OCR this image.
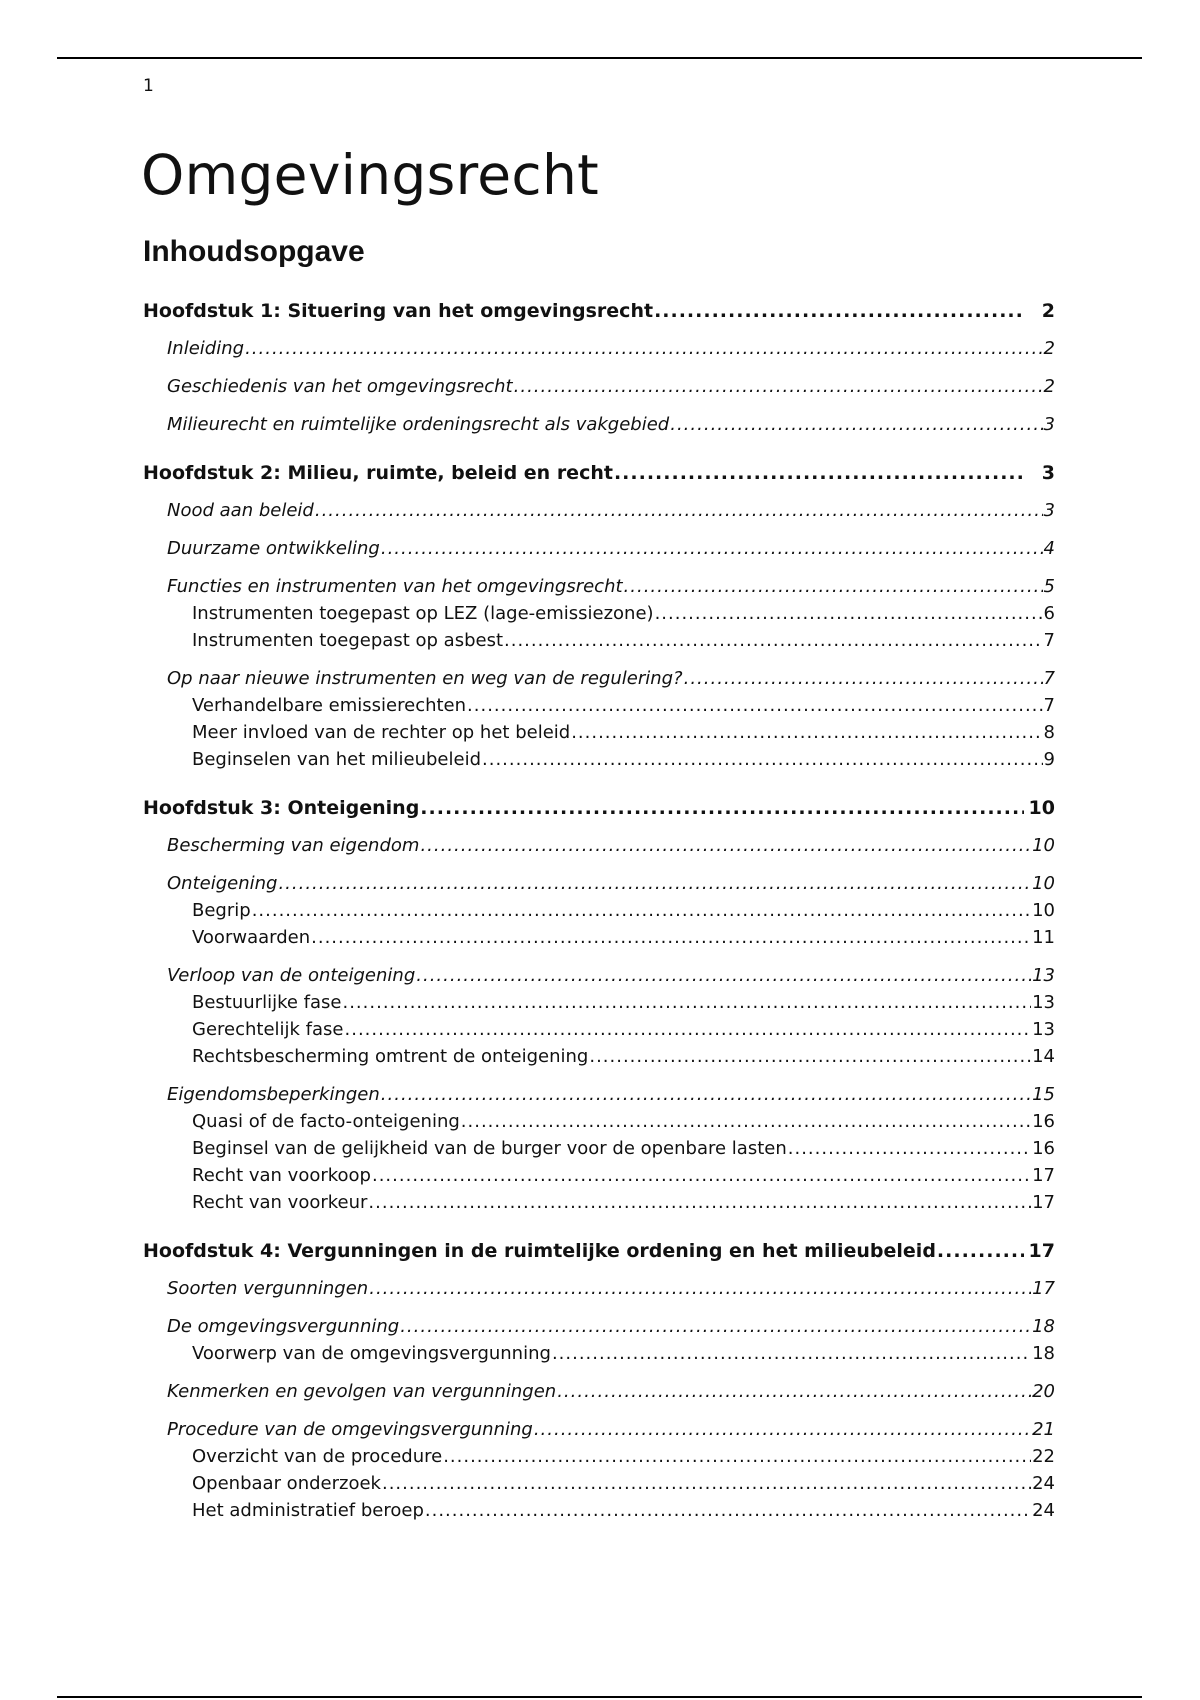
1
Omgevingsrecht
Inhoudsopgave
Hoofdstuk 1: Situering van het omgevingsrecht .....	2
Inleiding .....	2
Geschiedenis van het omgevingsrecht .....	2
Milieurecht en ruimtelijke ordeningsrecht als vakgebied .....	3
Hoofdstuk 2: Milieu, ruimte, beleid en recht .....	3
Nood aan beleid .....	3
Duurzame ontwikkeling .....	4
Functies en instrumenten van het omgevingsrecht .....	5
Instrumenten toegepast op LEZ (lage-emissiezone) .....	6
Instrumenten toegepast op asbest .....	7
Op naar nieuwe instrumenten en weg van de regulering? .....	7
Verhandelbare emissierechten .....	7
Meer invloed van de rechter op het beleid .....	8
Beginselen van het milieubeleid .....	9
Hoofdstuk 3: Onteigening .....	10
Bescherming van eigendom .....	10
Onteigening .....	10
Begrip .....	10
Voorwaarden .....	11
Verloop van de onteigening .....	13
Bestuurlijke fase .....	13
Gerechtelijk fase .....	13
Rechtsbescherming omtrent de onteigening .....	14
Eigendomsbeperkingen .....	15
Quasi of de facto-onteigening .....	16
Beginsel van de gelijkheid van de burger voor de openbare lasten .....	16
Recht van voorkoop .....	17
Recht van voorkeur .....	17
Hoofdstuk 4: Vergunningen in de ruimtelijke ordening en het milieubeleid .....	17
Soorten vergunningen .....	17
De omgevingsvergunning .....	18
Voorwerp van de omgevingsvergunning .....	18
Kenmerken en gevolgen van vergunningen .....	20
Procedure van de omgevingsvergunning .....	21
Overzicht van de procedure .....	22
Openbaar onderzoek .....	24
Het administratief beroep .....	24
